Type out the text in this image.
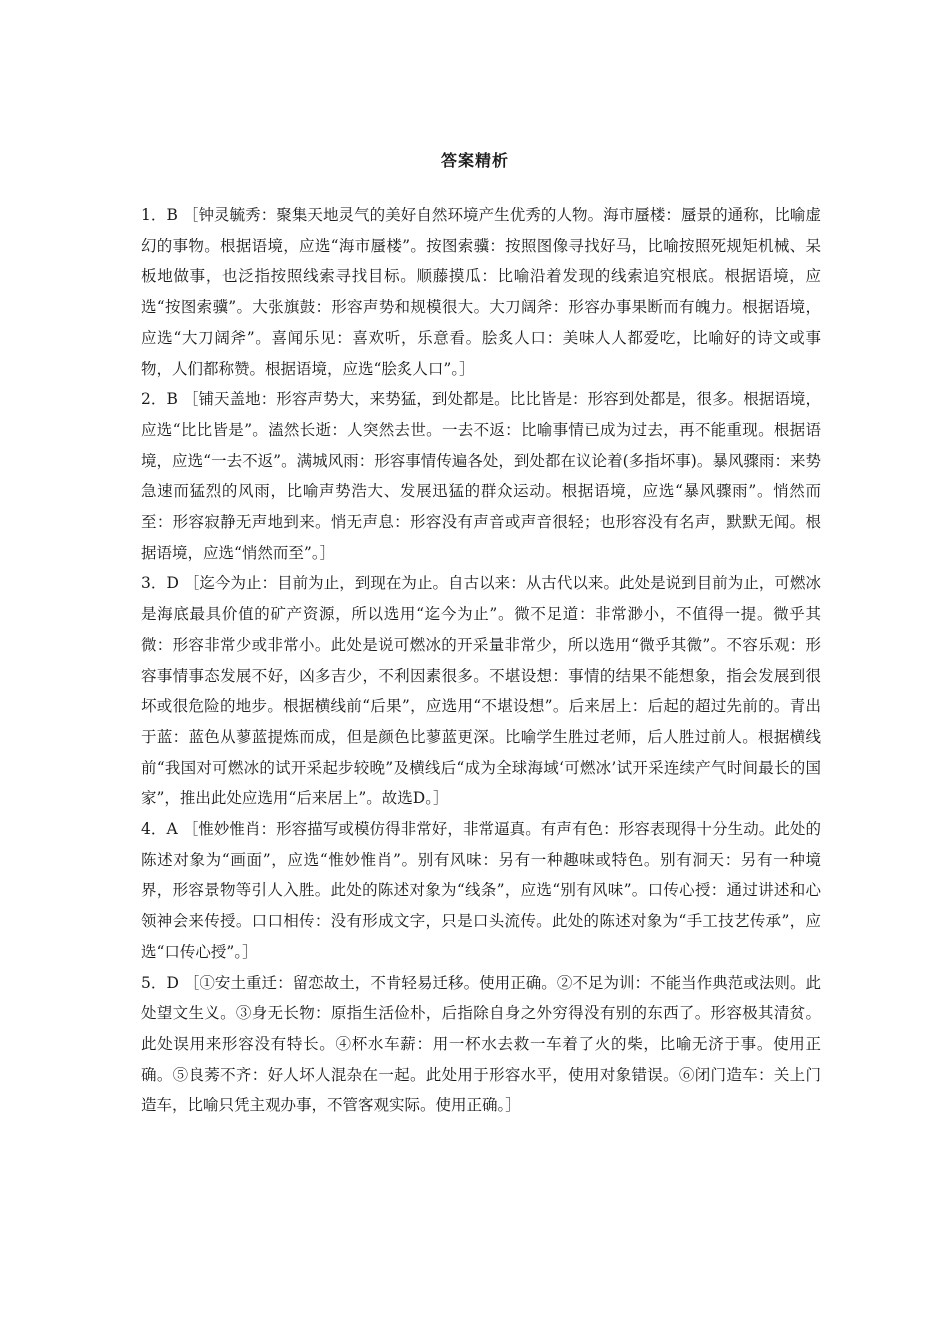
答案精析

1．B ［钟灵毓秀：聚集天地灵气的美好自然环境产生优秀的人物。海市蜃楼：蜃景的通称，比喻虚幻的事物。根据语境，应选“海市蜃楼”。按图索骥：按照图像寻找好马，比喻按照死规矩机械、呆板地做事，也泛指按照线索寻找目标。顺藤摸瓜：比喻沿着发现的线索追究根底。根据语境，应选“按图索骥”。大张旗鼓：形容声势和规模很大。大刀阔斧：形容办事果断而有魄力。根据语境，应选“大刀阔斧”。喜闻乐见：喜欢听，乐意看。脍炙人口：美味人人都爱吃，比喻好的诗文或事物，人们都称赞。根据语境，应选“脍炙人口”。］

2．B ［铺天盖地：形容声势大，来势猛，到处都是。比比皆是：形容到处都是，很多。根据语境，应选“比比皆是”。溘然长逝：人突然去世。一去不返：比喻事情已成为过去，再不能重现。根据语境，应选“一去不返”。满城风雨：形容事情传遍各处，到处都在议论着(多指坏事)。暴风骤雨：来势急速而猛烈的风雨，比喻声势浩大、发展迅猛的群众运动。根据语境，应选“暴风骤雨”。悄然而至：形容寂静无声地到来。悄无声息：形容没有声音或声音很轻；也形容没有名声，默默无闻。根据语境，应选“悄然而至”。］

3．D ［迄今为止：目前为止，到现在为止。自古以来：从古代以来。此处是说到目前为止，可燃冰是海底最具价值的矿产资源，所以选用“迄今为止”。微不足道：非常渺小，不值得一提。微乎其微：形容非常少或非常小。此处是说可燃冰的开采量非常少，所以选用“微乎其微”。不容乐观：形容事情事态发展不好，凶多吉少，不利因素很多。不堪设想：事情的结果不能想象，指会发展到很坏或很危险的地步。根据横线前“后果”，应选用“不堪设想”。后来居上：后起的超过先前的。青出于蓝：蓝色从蓼蓝提炼而成，但是颜色比蓼蓝更深。比喻学生胜过老师，后人胜过前人。根据横线前“我国对可燃冰的试开采起步较晚”及横线后“成为全球海域‘可燃冰’试开采连续产气时间最长的国家”，推出此处应选用“后来居上”。故选D。］

4．A ［惟妙惟肖：形容描写或模仿得非常好，非常逼真。有声有色：形容表现得十分生动。此处的陈述对象为“画面”，应选“惟妙惟肖”。别有风味：另有一种趣味或特色。别有洞天：另有一种境界，形容景物等引人入胜。此处的陈述对象为“线条”，应选“别有风味”。口传心授：通过讲述和心领神会来传授。口口相传：没有形成文字，只是口头流传。此处的陈述对象为“手工技艺传承”，应选“口传心授”。］

5．D ［①安土重迁：留恋故土，不肯轻易迁移。使用正确。②不足为训：不能当作典范或法则。此处望文生义。③身无长物：原指生活俭朴，后指除自身之外穷得没有别的东西了。形容极其清贫。此处误用来形容没有特长。④杯水车薪：用一杯水去救一车着了火的柴，比喻无济于事。使用正确。⑤良莠不齐：好人坏人混杂在一起。此处用于形容水平，使用对象错误。⑥闭门造车：关上门造车，比喻只凭主观办事，不管客观实际。使用正确。］
